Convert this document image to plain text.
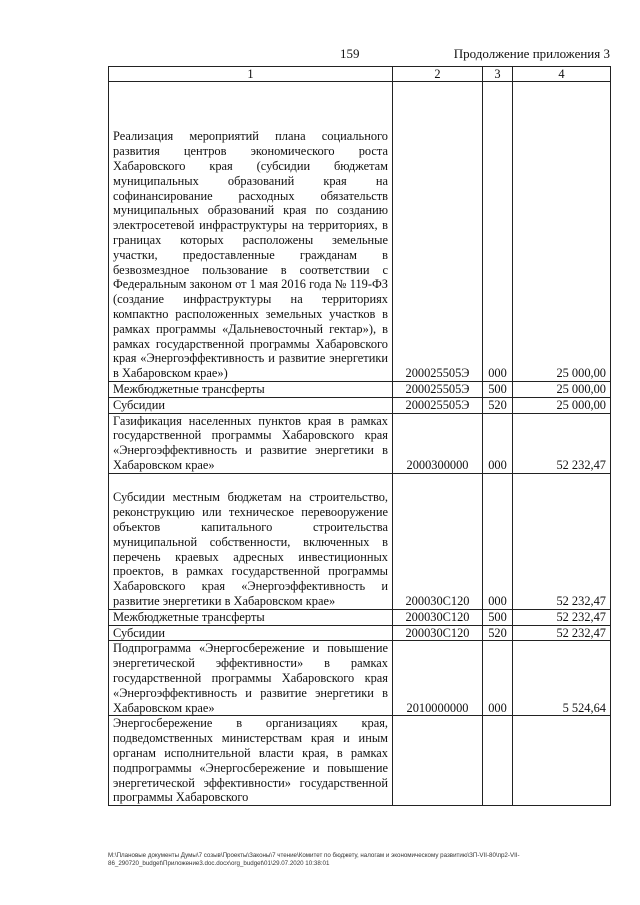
159	Продолжение приложения 3
1	2	3	4
Реализация мероприятий плана социального развития центров экономического роста Хабаровского края (субсидии бюджетам муниципальных образований края на софинансирование расходных обязательств муниципальных образований края по созданию электросетевой инфраструктуры на территориях, в границах которых расположены земельные участки, предоставленные гражданам в безвозмездное пользование в соответствии с Федеральным законом от 1 мая 2016 года № 119-ФЗ (создание инфраструктуры на территориях компактно расположенных земельных участков в рамках программы «Дальневосточный гектар»), в рамках государственной программы Хабаровского края «Энергоэффективность и развитие энергетики в Хабаровском крае»)	200025505Э	000	25 000,00
Межбюджетные трансферты	200025505Э	500	25 000,00
Субсидии	200025505Э	520	25 000,00
Газификация населенных пунктов края в рамках государственной программы Хабаровского края «Энергоэффективность и развитие энергетики в Хабаровском крае»	2000300000	000	52 232,47
Субсидии местным бюджетам на строительство, реконструкцию или техническое перевооружение объектов капитального строительства муниципальной собственности, включенных в перечень краевых адресных инвестиционных проектов, в рамках государственной программы Хабаровского края «Энергоэффективность и развитие энергетики в Хабаровском крае»	200030С120	000	52 232,47
Межбюджетные трансферты	200030С120	500	52 232,47
Субсидии	200030С120	520	52 232,47
Подпрограмма «Энергосбережение и повышение энергетической эффективности» в рамках государственной программы Хабаровского края «Энергоэффективность и развитие энергетики в Хабаровском крае»	2010000000	000	5 524,64
Энергосбережение в организациях края, подведомственных министерствам края и иным органам исполнительной власти края, в рамках подпрограммы «Энергосбережение и повышение энергетической эффективности» государственной программы Хабаровского			
М:\Плановые документы Думы\7 созыв\Проекты\Законы\7 чтение\Комитет по бюджету, налогам и экономическому развитию\ЗП-VII-80\пр2-VII-86_290720_budget\Приложение3.doc.docx\org_budget\01\29.07.2020 10:38:01
